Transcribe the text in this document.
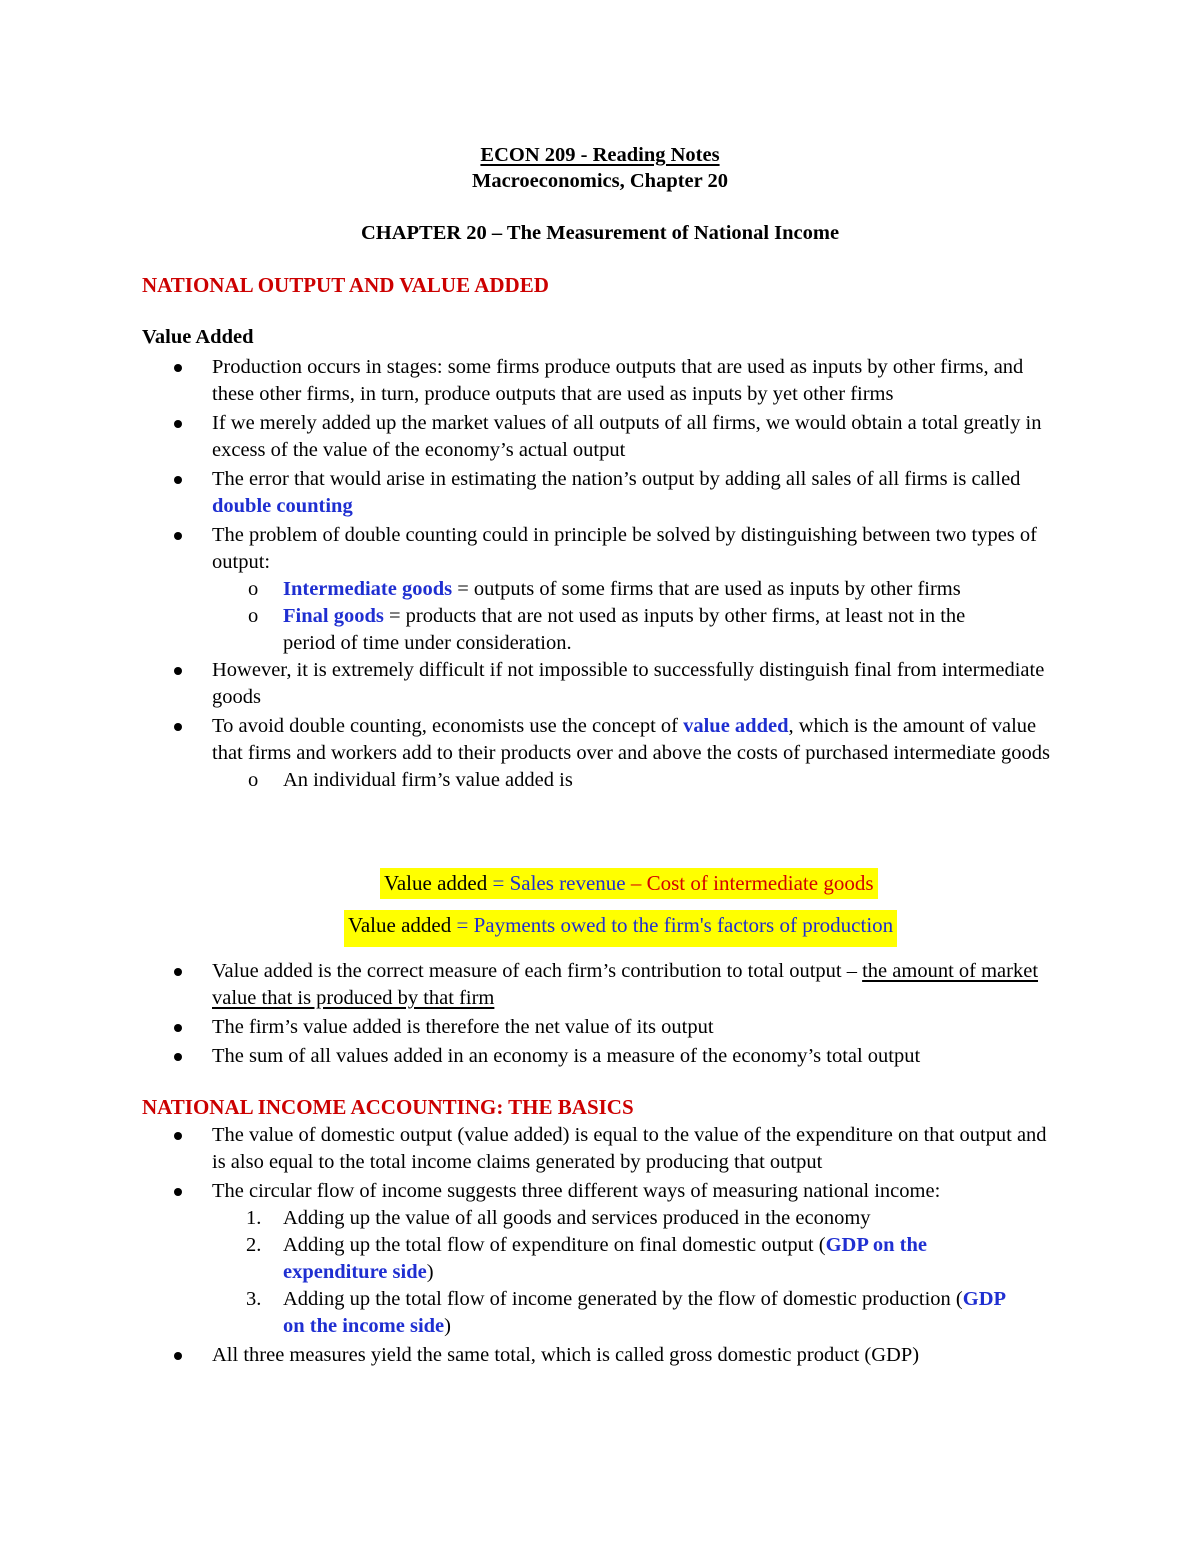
ECON 209 - Reading Notes
Macroeconomics, Chapter 20
CHAPTER 20 – The Measurement of National Income
NATIONAL OUTPUT AND VALUE ADDED
Value Added
Production occurs in stages: some firms produce outputs that are used as inputs by other firms, and these other firms, in turn, produce outputs that are used as inputs by yet other firms
If we merely added up the market values of all outputs of all firms, we would obtain a total greatly in excess of the value of the economy’s actual output
The error that would arise in estimating the nation’s output by adding all sales of all firms is called double counting
The problem of double counting could in principle be solved by distinguishing between two types of output:
o Intermediate goods = outputs of some firms that are used as inputs by other firms
o Final goods = products that are not used as inputs by other firms, at least not in the period of time under consideration.
However, it is extremely difficult if not impossible to successfully distinguish final from intermediate goods
To avoid double counting, economists use the concept of value added, which is the amount of value that firms and workers add to their products over and above the costs of purchased intermediate goods
o An individual firm’s value added is
Value added = Sales revenue – Cost of intermediate goods
Value added = Payments owed to the firm's factors of production
Value added is the correct measure of each firm’s contribution to total output – the amount of market value that is produced by that firm
The firm’s value added is therefore the net value of its output
The sum of all values added in an economy is a measure of the economy’s total output
NATIONAL INCOME ACCOUNTING: THE BASICS
The value of domestic output (value added) is equal to the value of the expenditure on that output and is also equal to the total income claims generated by producing that output
The circular flow of income suggests three different ways of measuring national income:
1. Adding up the value of all goods and services produced in the economy
2. Adding up the total flow of expenditure on final domestic output (GDP on the expenditure side)
3. Adding up the total flow of income generated by the flow of domestic production (GDP on the income side)
All three measures yield the same total, which is called gross domestic product (GDP)
